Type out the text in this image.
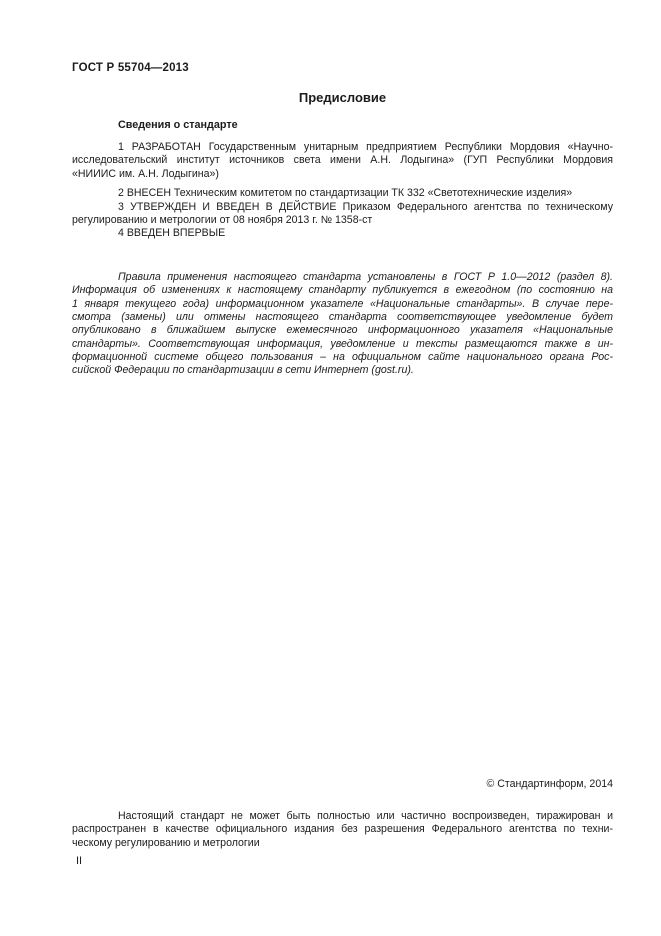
ГОСТ Р 55704—2013
Предисловие
Сведения о стандарте
1 РАЗРАБОТАН Государственным унитарным предприятием Республики Мордовия «Научно-
исследовательский институт источников света имени А.Н. Лодыгина» (ГУП Республики Мордовия
«НИИИС им. А.Н. Лодыгина»)
2 ВНЕСЕН Техническим комитетом по стандартизации ТК 332 «Светотехнические изделия»
3 УТВЕРЖДЕН И ВВЕДЕН В ДЕЙСТВИЕ Приказом Федерального агентства по техническому
регулированию и метрологии от 08 ноября 2013 г. № 1358-ст
4 ВВЕДЕН ВПЕРВЫЕ
Правила применения настоящего стандарта установлены в ГОСТ Р 1.0—2012 (раздел 8).
Информация об изменениях к настоящему стандарту публикуется в ежегодном (по состоянию на
1 января текущего года) информационном указателе «Национальные стандарты». В случае пере-
смотра (замены) или отмены настоящего стандарта соответствующее уведомление будет
опубликовано в ближайшем выпуске ежемесячного информационного указателя «Национальные
стандарты». Соответствующая информация, уведомление и тексты размещаются также в ин-
формационной системе общего пользования – на официальном сайте национального органа Рос-
сийской Федерации по стандартизации в сети Интернет (gost.ru).
© Стандартинформ, 2014
Настоящий стандарт не может быть полностью или частично воспроизведен, тиражирован и
распространен в качестве официального издания без разрешения Федерального агентства по техни-
ческому регулированию и метрологии
II
